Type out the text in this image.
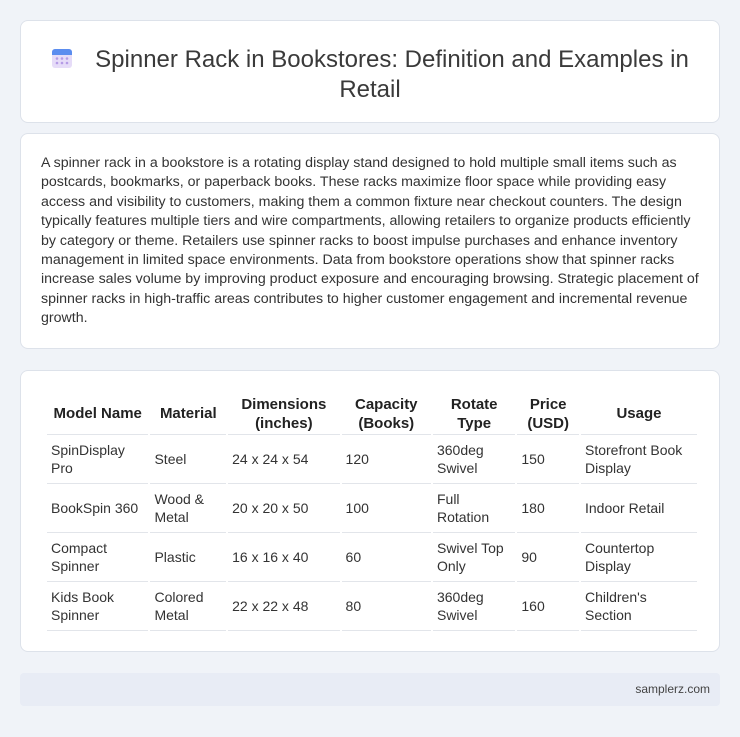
Spinner Rack in Bookstores: Definition and Examples in Retail

A spinner rack in a bookstore is a rotating display stand designed to hold multiple small items such as postcards, bookmarks, or paperback books. These racks maximize floor space while providing easy access and visibility to customers, making them a common fixture near checkout counters. The design typically features multiple tiers and wire compartments, allowing retailers to organize products efficiently by category or theme. Retailers use spinner racks to boost impulse purchases and enhance inventory management in limited space environments. Data from bookstore operations show that spinner racks increase sales volume by improving product exposure and encouraging browsing. Strategic placement of spinner racks in high-traffic areas contributes to higher customer engagement and incremental revenue growth.

Model Name	Material	Dimensions (inches)	Capacity (Books)	Rotate Type	Price (USD)	Usage
SpinDisplay Pro	Steel	24 x 24 x 54	120	360deg Swivel	150	Storefront Book Display
BookSpin 360	Wood & Metal	20 x 20 x 50	100	Full Rotation	180	Indoor Retail
Compact Spinner	Plastic	16 x 16 x 40	60	Swivel Top Only	90	Countertop Display
Kids Book Spinner	Colored Metal	22 x 22 x 48	80	360deg Swivel	160	Children's Section
samplerz.com
